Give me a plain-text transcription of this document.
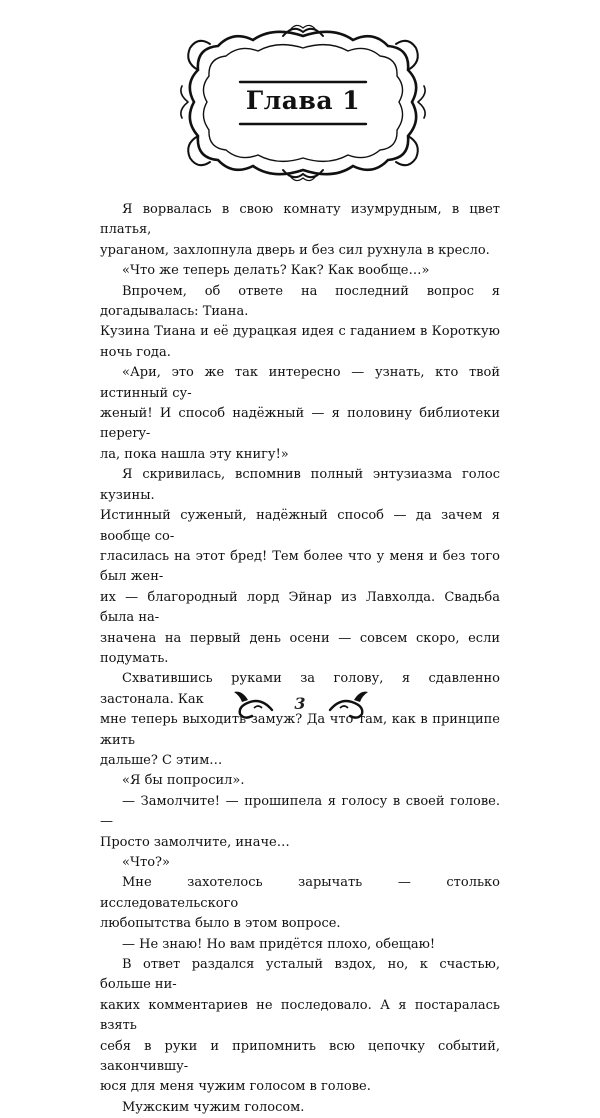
Глава 1

Я ворвалась в свою комнату изумрудным, в цвет платья,

ураганом, захлопнула дверь и без сил рухнула в кресло.

«Что же теперь делать? Как? Как вообще…»

Впрочем, об ответе на последний вопрос я догадывалась: Тиана.

Кузина Тиана и её дурацкая идея с гаданием в Короткую ночь года.

«Ари, это же так интересно — узнать, кто твой истинный су-

женый! И способ надёжный — я половину библиотеки перery-

ла, пока нашла эту книгу!»

Я скривилась, вспомнив полный энтузиазма голос кузины.

Истинный суженый, надёжный способ — да зачем я вообще со-

гласилась на этот бред! Тем более что у меня и без того был жен-

их — благородный лорд Эйнар из Лавхолда. Свадьба была на-

значена на первый день осени — совсем скоро, если подумать.

Схватившись руками за голову, я сдавленно застонала. Как

мне теперь выходить замуж? Да что там, как в принципе жить

дальше? С этим…

«Я бы попросил».

— Замолчите! — прошипела я голосу в своей голове. —

Просто замолчите, иначе…

«Что?»

Мне захотелось зарычать — столько исследовательского

любопытства было в этом вопросе.

— Не знаю! Но вам придётся плохо, обещаю!

В ответ раздался усталый вздох, но, к счастью, больше ни-

каких комментариев не последовало. А я постаралась взять

себя в руки и припомнить всю цепочку событий, закончившу-

юся для меня чужим голосом в голове.

Мужским чужим голосом.

3
